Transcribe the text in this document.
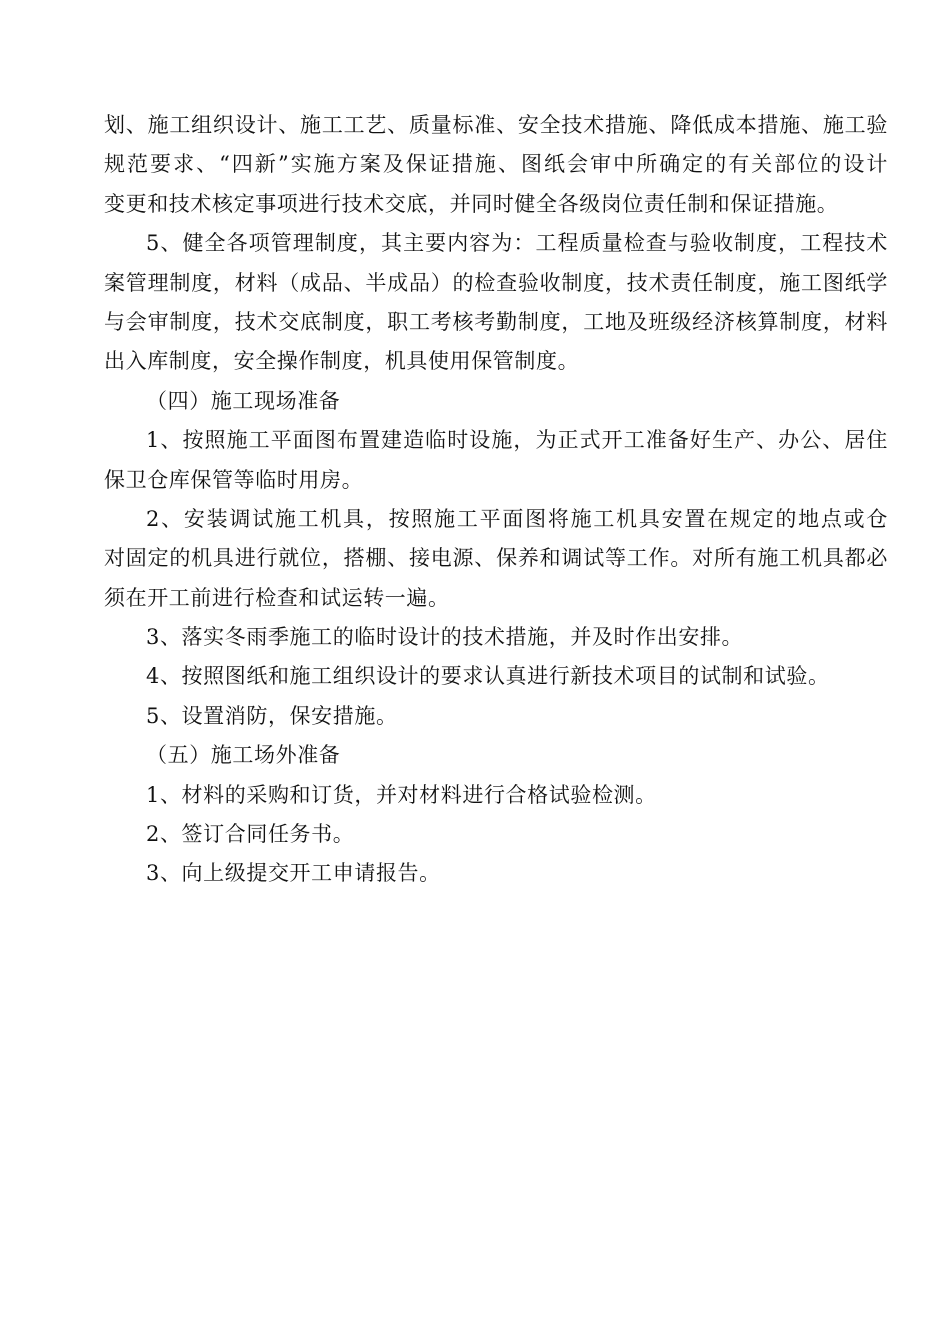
划、施工组织设计、施工工艺、质量标准、安全技术措施、降低成本措施、施工验
规范要求、“四新”实施方案及保证措施、图纸会审中所确定的有关部位的设计
变更和技术核定事项进行技术交底，并同时健全各级岗位责任制和保证措施。
5、健全各项管理制度，其主要内容为：工程质量检查与验收制度，工程技术
案管理制度，材料（成品、半成品）的检查验收制度，技术责任制度，施工图纸学
与会审制度，技术交底制度，职工考核考勤制度，工地及班级经济核算制度，材料
出入库制度，安全操作制度，机具使用保管制度。
（四）施工现场准备
1、按照施工平面图布置建造临时设施，为正式开工准备好生产、办公、居住
保卫仓库保管等临时用房。
2、安装调试施工机具，按照施工平面图将施工机具安置在规定的地点或仓
对固定的机具进行就位，搭棚、接电源、保养和调试等工作。对所有施工机具都必
须在开工前进行检查和试运转一遍。
3、落实冬雨季施工的临时设计的技术措施，并及时作出安排。
4、按照图纸和施工组织设计的要求认真进行新技术项目的试制和试验。
5、设置消防，保安措施。
（五）施工场外准备
1、材料的采购和订货，并对材料进行合格试验检测。
2、签订合同任务书。
3、向上级提交开工申请报告。
